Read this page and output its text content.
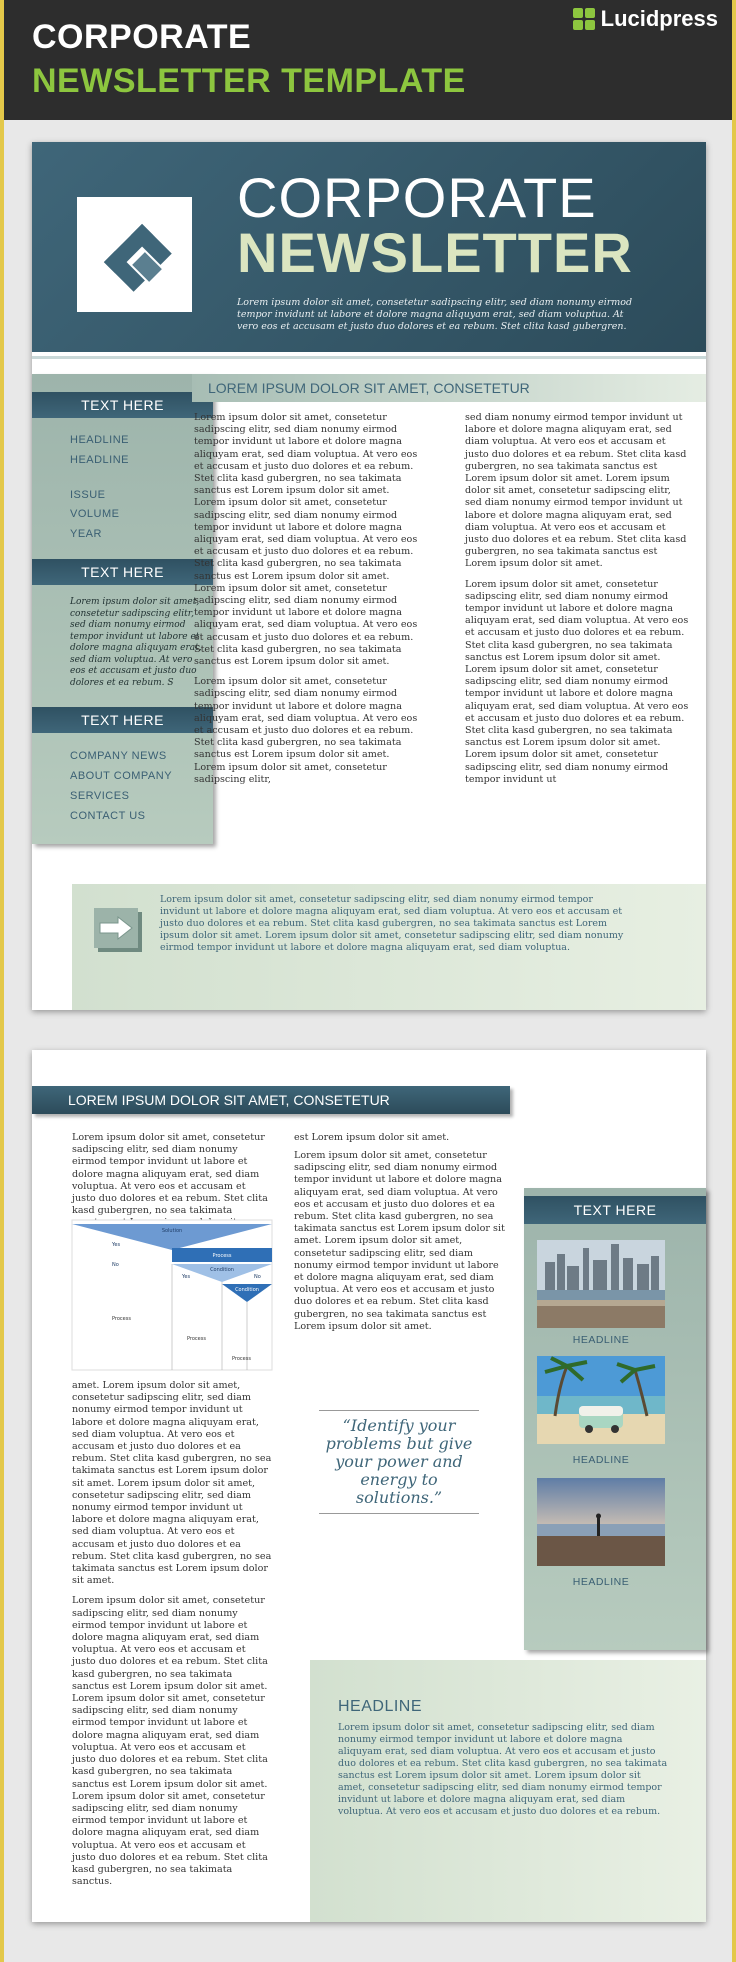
CORPORATE
NEWSLETTER TEMPLATE
Lucidpress
CORPORATE
NEWSLETTER
Lorem ipsum dolor sit amet, consetetur sadipscing elitr, sed diam nonumy eirmod tempor invidunt ut labore et dolore magna aliquyam erat, sed diam voluptua. At vero eos et accusam et justo duo dolores et ea rebum. Stet clita kasd gubergren.
TEXT HERE
HEADLINE
HEADLINE
ISSUE
VOLUME
YEAR
TEXT HERE
Lorem ipsum dolor sit amet, consetetur sadipscing elitr, sed diam nonumy eirmod tempor invidunt ut labore et dolore magna aliquyam erat, sed diam voluptua. At vero eos et accusam et justo duo dolores et ea rebum. S
TEXT HERE
COMPANY NEWS
ABOUT COMPANY
SERVICES
CONTACT US
LOREM IPSUM DOLOR SIT AMET, CONSETETUR

Lorem ipsum dolor sit amet, consetetur sadipscing elitr, sed diam nonumy eirmod tempor invidunt ut labore et dolore magna aliquyam erat, sed diam voluptua. At vero eos et accusam et justo duo dolores et ea rebum. Stet clita kasd gubergren, no sea takimata sanctus est Lorem ipsum dolor sit amet. Lorem ipsum dolor sit amet, consetetur sadipscing elitr, sed diam nonumy eirmod tempor invidunt ut labore et dolore magna aliquyam erat, sed diam voluptua. At vero eos et accusam et justo duo dolores et ea rebum. Stet clita kasd gubergren, no sea takimata sanctus est Lorem ipsum dolor sit amet. Lorem ipsum dolor sit amet, consetetur sadipscing elitr, sed diam nonumy eirmod tempor invidunt ut labore et dolore magna aliquyam erat, sed diam voluptua. At vero eos et accusam et justo duo dolores et ea rebum. Stet clita kasd gubergren, no sea takimata sanctus est Lorem ipsum dolor sit amet.

Lorem ipsum dolor sit amet, consetetur sadipscing elitr, sed diam nonumy eirmod tempor invidunt ut labore et dolore magna aliquyam erat, sed diam voluptua. At vero eos et accusam et justo duo dolores et ea rebum. Stet clita kasd gubergren, no sea takimata sanctus est Lorem ipsum dolor sit amet. Lorem ipsum dolor sit amet, consetetur sadipscing elitr,

sed diam nonumy eirmod tempor invidunt ut labore et dolore magna aliquyam erat, sed diam voluptua. At vero eos et accusam et justo duo dolores et ea rebum. Stet clita kasd gubergren, no sea takimata sanctus est Lorem ipsum dolor sit amet. Lorem ipsum dolor sit amet, consetetur sadipscing elitr, sed diam nonumy eirmod tempor invidunt ut labore et dolore magna aliquyam erat, sed diam voluptua. At vero eos et accusam et justo duo dolores et ea rebum. Stet clita kasd gubergren, no sea takimata sanctus est Lorem ipsum dolor sit amet.

Lorem ipsum dolor sit amet, consetetur sadipscing elitr, sed diam nonumy eirmod tempor invidunt ut labore et dolore magna aliquyam erat, sed diam voluptua. At vero eos et accusam et justo duo dolores et ea rebum. Stet clita kasd gubergren, no sea takimata sanctus est Lorem ipsum dolor sit amet. Lorem ipsum dolor sit amet, consetetur sadipscing elitr, sed diam nonumy eirmod tempor invidunt ut labore et dolore magna aliquyam erat, sed diam voluptua. At vero eos et accusam et justo duo dolores et ea rebum. Stet clita kasd gubergren, no sea takimata sanctus est Lorem ipsum dolor sit amet. Lorem ipsum dolor sit amet, consetetur sadipscing elitr, sed diam nonumy eirmod tempor invidunt ut

Lorem ipsum dolor sit amet, consetetur sadipscing elitr, sed diam nonumy eirmod tempor invidunt ut labore et dolore magna aliquyam erat, sed diam voluptua. At vero eos et accusam et justo duo dolores et ea rebum. Stet clita kasd gubergren, no sea takimata sanctus est Lorem ipsum dolor sit amet. Lorem ipsum dolor sit amet, consetetur sadipscing elitr, sed diam nonumy eirmod tempor invidunt ut labore et dolore magna aliquyam erat, sed diam voluptua.
LOREM IPSUM DOLOR SIT AMET, CONSETETUR

Lorem ipsum dolor sit amet, consetetur sadipscing elitr, sed diam nonumy eirmod tempor invidunt ut labore et dolore magna aliquyam erat, sed diam voluptua. At vero eos et accusam et justo duo dolores et ea rebum. Stet clita kasd gubergren, no sea takimata

Solution
Yes
Process
No
Condition
Yes	No
Condition
Process
Process
Process

amet. Lorem ipsum dolor sit amet, consetetur sadipscing elitr, sed diam nonumy eirmod tempor invidunt ut labore et dolore magna aliquyam erat, sed diam voluptua. At vero eos et accusam et justo duo dolores et ea rebum. Stet clita kasd gubergren, no sea takimata sanctus est Lorem ipsum dolor sit amet. Lorem ipsum dolor sit amet, consetetur sadipscing elitr, sed diam nonumy eirmod tempor invidunt ut labore et dolore magna aliquyam erat, sed diam voluptua. At vero eos et accusam et justo duo dolores et ea rebum. Stet clita kasd gubergren, no sea takimata sanctus est Lorem ipsum dolor sit amet.

Lorem ipsum dolor sit amet, consetetur sadipscing elitr, sed diam nonumy eirmod tempor invidunt ut labore et dolore magna aliquyam erat, sed diam voluptua. At vero eos et accusam et justo duo dolores et ea rebum. Stet clita kasd gubergren, no sea takimata sanctus est Lorem ipsum dolor sit amet. Lorem ipsum dolor sit amet, consetetur sadipscing elitr, sed diam nonumy eirmod tempor invidunt ut labore et dolore magna aliquyam erat, sed diam voluptua. At vero eos et accusam et justo duo dolores et ea rebum. Stet clita kasd gubergren, no sea takimata sanctus est Lorem ipsum dolor sit amet. Lorem ipsum dolor sit amet, consetetur sadipscing elitr, sed diam nonumy eirmod tempor invidunt ut labore et dolore magna aliquyam erat, sed diam voluptua. At vero eos et accusam et justo duo dolores et ea rebum. Stet clita kasd gubergren, no sea takimata sanctus.

est Lorem ipsum dolor sit amet.

Lorem ipsum dolor sit amet, consetetur sadipscing elitr, sed diam nonumy eirmod tempor invidunt ut labore et dolore magna aliquyam erat, sed diam voluptua. At vero eos et accusam et justo duo dolores et ea rebum. Stet clita kasd gubergren, no sea takimata sanctus est Lorem ipsum dolor sit amet. Lorem ipsum dolor sit amet, consetetur sadipscing elitr, sed diam nonumy eirmod tempor invidunt ut labore et dolore magna aliquyam erat, sed diam voluptua. At vero eos et accusam et justo duo dolores et ea rebum. Stet clita kasd gubergren, no sea takimata sanctus est Lorem ipsum dolor sit amet.

“Identify your problems but give your power and energy to solutions.”
TEXT HERE
HEADLINE
HEADLINE
HEADLINE
HEADLINE
Lorem ipsum dolor sit amet, consetetur sadipscing elitr, sed diam nonumy eirmod tempor invidunt ut labore et dolore magna aliquyam erat, sed diam voluptua. At vero eos et accusam et justo duo dolores et ea rebum. Stet clita kasd gubergren, no sea takimata sanctus est Lorem ipsum dolor sit amet. Lorem ipsum dolor sit amet, consetetur sadipscing elitr, sed diam nonumy eirmod tempor invidunt ut labore et dolore magna aliquyam erat, sed diam voluptua. At vero eos et accusam et justo duo dolores et ea rebum.
